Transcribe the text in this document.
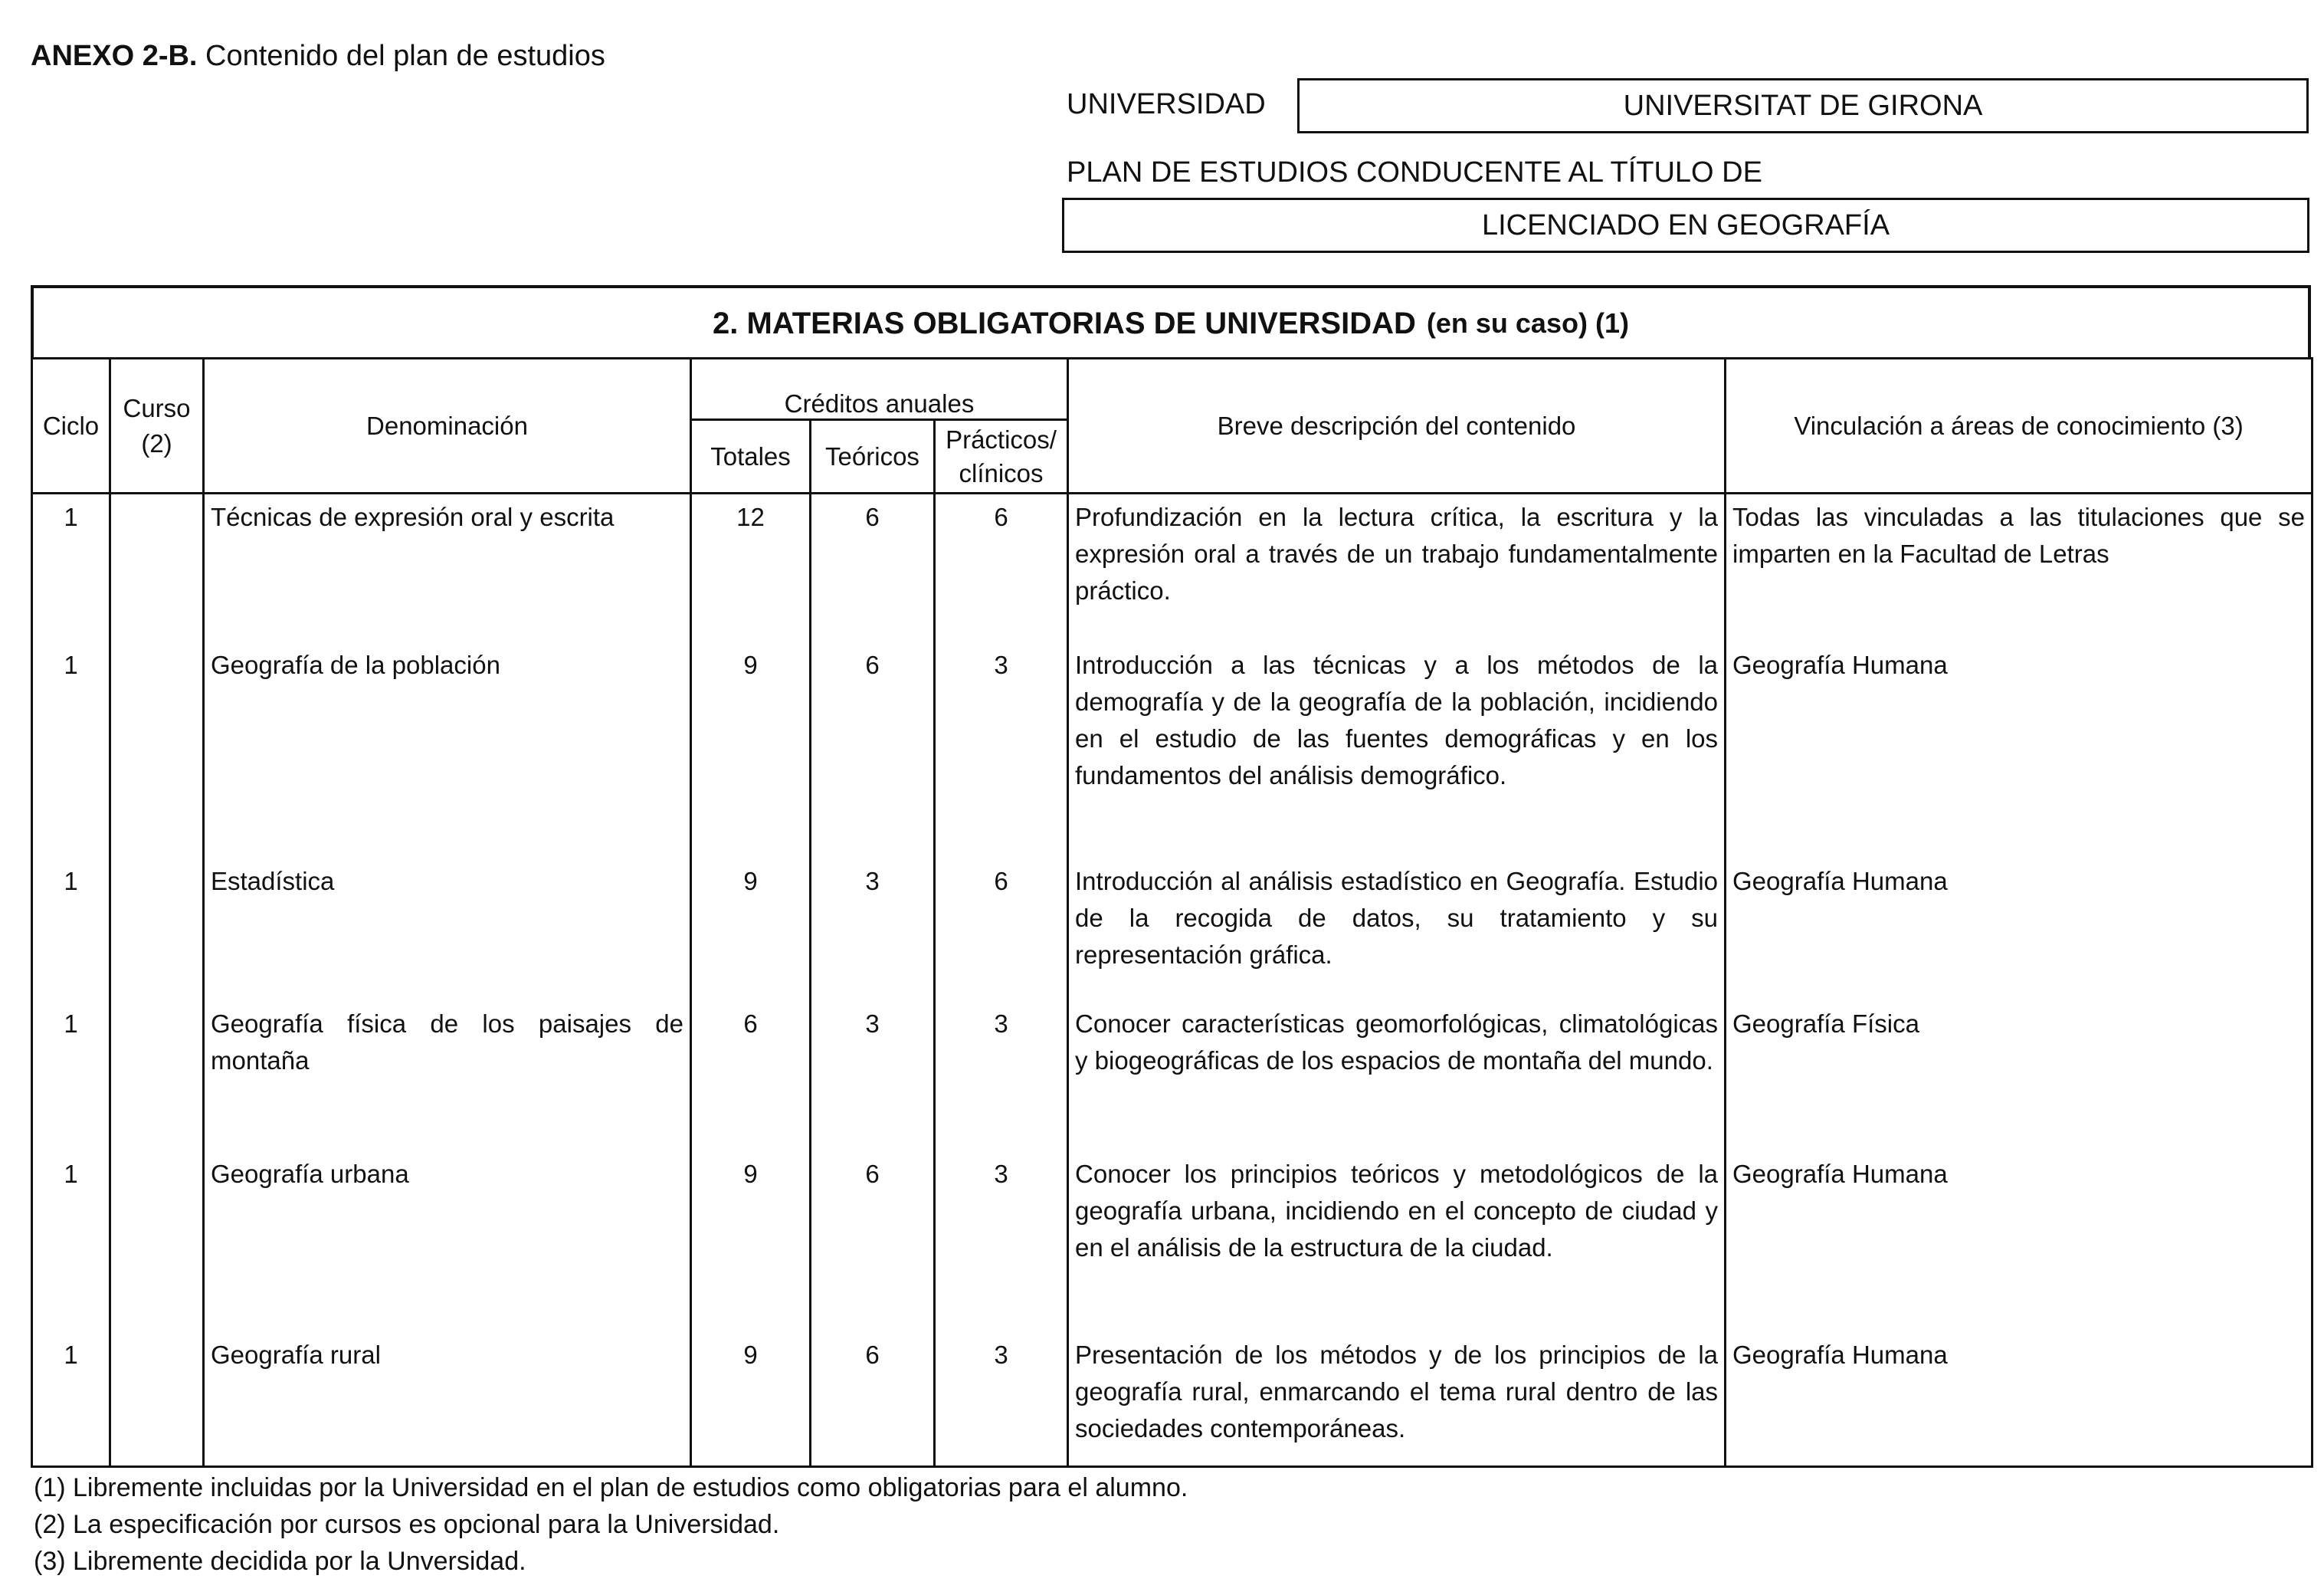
ANEXO 2-B. Contenido del plan de estudios
UNIVERSIDAD	UNIVERSITAT DE GIRONA
PLAN DE ESTUDIOS CONDUCENTE AL TÍTULO DE
LICENCIADO EN GEOGRAFÍA
2. MATERIAS OBLIGATORIAS DE UNIVERSIDAD (en su caso) (1)
Ciclo	Curso (2)	Denominación	Créditos anuales			Breve descripción del contenido	Vinculación a áreas de conocimiento (3)
			Totales	Teóricos	Prácticos/ clínicos		

1		Técnicas de expresión oral y escrita	12	6	6	Profundización en la lectura crítica, la escritura y la expresión oral a través de un trabajo fundamentalmente práctico.	Todas las vinculadas a las titulaciones que se imparten en la Facultad de Letras

1		Geografía de la población	9	6	3	Introducción a las técnicas y a los métodos de la demografía y de la geografía de la población, incidiendo en el estudio de las fuentes demográficas y en los fundamentos del análisis demográfico.	Geografía Humana

1		Estadística	9	3	6	Introducción al análisis estadístico en Geografía. Estudio de la recogida de datos, su tratamiento y su representación gráfica.	Geografía Humana

1		Geografía física de los paisajes de montaña	6	3	3	Conocer características geomorfológicas, climatológicas y biogeográficas de los espacios de montaña del mundo.	Geografía Física

1		Geografía urbana	9	6	3	Conocer los principios teóricos y metodológicos de la geografía urbana, incidiendo en el concepto de ciudad y en el análisis de la estructura de la ciudad.	Geografía Humana

1		Geografía rural	9	6	3	Presentación de los métodos y de los principios de la geografía rural, enmarcando el tema rural dentro de las sociedades contemporáneas.	Geografía Humana
(1) Libremente incluidas por la Universidad en el plan de estudios como obligatorias para el alumno.
(2) La especificación por cursos es opcional para la Universidad.
(3) Libremente decidida por la Unversidad.
